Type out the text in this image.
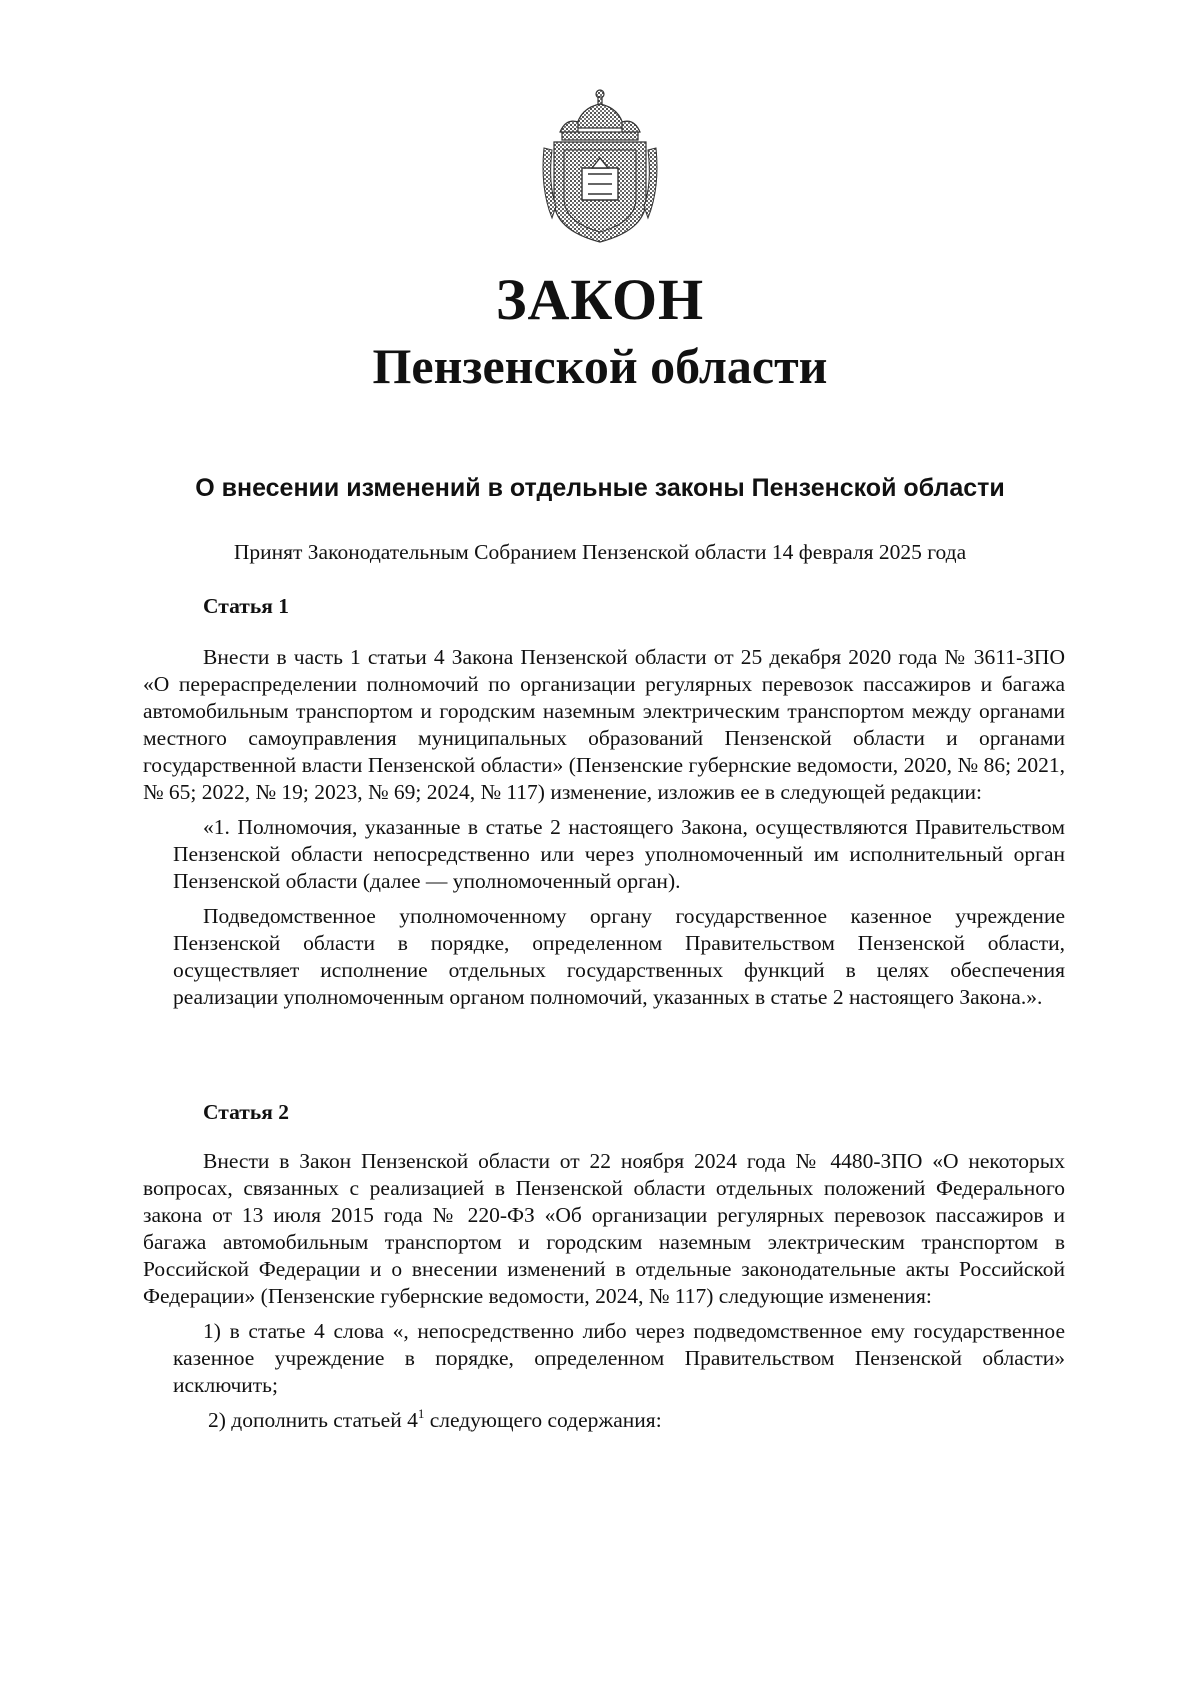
ЗАКОН
Пензенской области
О внесении изменений в отдельные законы Пензенской области
Принят Законодательным Собранием Пензенской области 14 февраля 2025 года
Статья 1

Внести в часть 1 статьи 4 Закона Пензенской области от 25 декабря 2020 года № 3611-ЗПО «О перераспределении полномочий по организации регулярных перевозок пассажиров и багажа автомобильным транспортом и городским наземным электрическим транспортом между органами местного самоуправления муниципальных образований Пензенской области и органами государственной власти Пензенской области» (Пензенские губернские ведомости, 2020, № 86; 2021, № 65; 2022, № 19; 2023, № 69; 2024, № 117) изменение, изложив ее в следующей редакции:

«1. Полномочия, указанные в статье 2 настоящего Закона, осуществляются Правительством Пензенской области непосредственно или через уполномоченный им исполнительный орган Пензенской области (далее — уполномоченный орган).

Подведомственное уполномоченному органу государственное казенное учреждение Пензенской области в порядке, определенном Правительством Пензенской области, осуществляет исполнение отдельных государственных функций в целях обеспечения реализации уполномоченным органом полномочий, указанных в статье 2 настоящего Закона.».

Статья 2

Внести в Закон Пензенской области от 22 ноября 2024 года № 4480-ЗПО «О некоторых вопросах, связанных с реализацией в Пензенской области отдельных положений Федерального закона от 13 июля 2015 года № 220-ФЗ «Об организации регулярных перевозок пассажиров и багажа автомобильным транспортом и городским наземным электрическим транспортом в Российской Федерации и о внесении изменений в отдельные законодательные акты Российской Федерации» (Пензенские губернские ведомости, 2024, № 117) следующие изменения:

1) в статье 4 слова «, непосредственно либо через подведомственное ему государственное казенное учреждение в порядке, определенном Правительством Пензенской области» исключить;

2) дополнить статьей $4^1$ следующего содержания:
